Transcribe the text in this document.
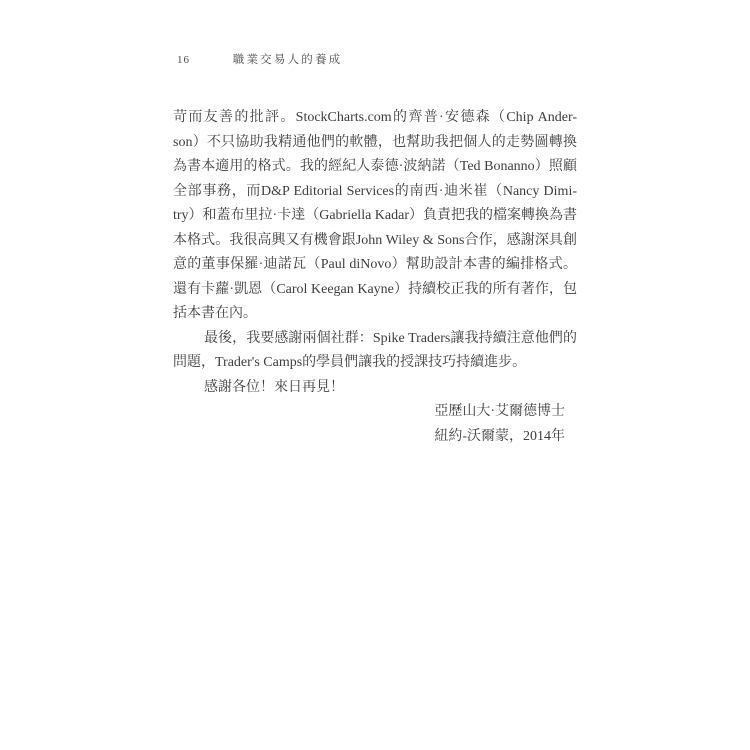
16	職業交易人的養成
苛而友善的批評。StockCharts.com的齊普·安德森（Chip Ander-
son）不只協助我精通他們的軟體，也幫助我把個人的走勢圖轉換
為書本適用的格式。我的經紀人泰德·波納諾（Ted Bonanno）照顧
全部事務，而D&P Editorial Services的南西·迪米崔（Nancy Dimi-
try）和蓋布里拉·卡達（Gabriella Kadar）負責把我的檔案轉換為書
本格式。我很高興又有機會跟John Wiley & Sons合作，感謝深具創
意的董事保羅·迪諾瓦（Paul diNovo）幫助設計本書的編排格式。
還有卡蘿·凱恩（Carol Keegan Kayne）持續校正我的所有著作，包
括本書在內。
最後，我要感謝兩個社群：Spike Traders讓我持續注意他們的
問題，Trader's Camps的學員們讓我的授課技巧持續進步。
感謝各位！來日再見！
亞歷山大·艾爾德博士
紐約-沃爾蒙，2014年
